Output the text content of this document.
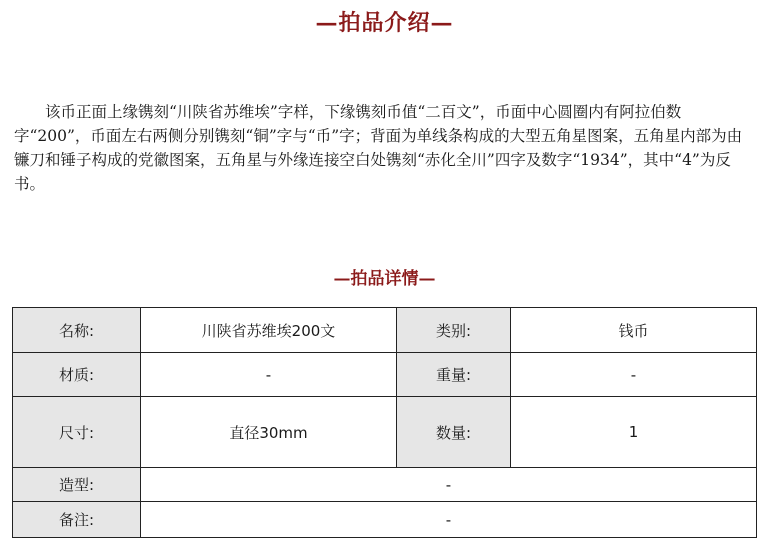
—拍品介绍—

该币正面上缘镌刻“川陕省苏维埃”字样，下缘镌刻币值“二百文”，币面中心圆圈内有阿拉伯数字“200”，币面左右两侧分别镌刻“铜”字与“币”字；背面为单线条构成的大型五角星图案，五角星内部为由镰刀和锤子构成的党徽图案，五角星与外缘连接空白处镌刻“赤化全川”四字及数字“1934”，其中“4”为反书。

—拍品详情—
名称:	川陕省苏维埃200文	类别:	钱币
材质:	-	重量:	-
尺寸:	直径30mm	数量:	1
造型:	-		
备注:	-		
